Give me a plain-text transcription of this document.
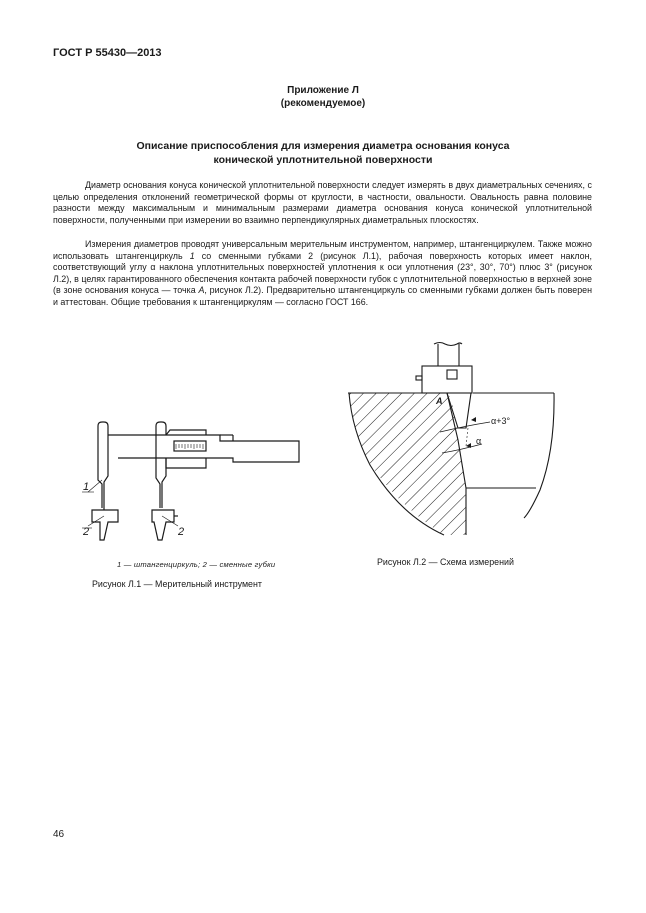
ГОСТ Р 55430—2013
Приложение Л
(рекомендуемое)
Описание приспособления для измерения диаметра основания конуса
конической уплотнительной поверхности

Диаметр основания конуса конической уплотнительной поверхности следует измерять в двух диаметральных сечениях, с целью определения отклонений геометрической формы от круглости, в частности, овальности. Овальность равна половине разности между максимальным и минимальным размерами диаметра основания конуса конической уплотнительной поверхности, полученными при измерении во взаимно перпендикулярных диаметральных плоскостях.

Измерения диаметров проводят универсальным мерительным инструментом, например, штангенциркулем. Также можно использовать штангенциркуль 1 со сменными губками 2 (рисунок Л.1), рабочая поверхность которых имеет наклон, соответствующий углу α наклона уплотнительных поверхностей уплотнения к оси уплотнения (23°, 30°, 70°) плюс 3° (рисунок Л.2), в целях гарантированного обеспечения контакта рабочей поверхности губок с уплотнительной поверхностью в верхней зоне (в зоне основания конуса — точка A, рисунок Л.2). Предварительно штангенциркуль со сменными губками должен быть поверен и аттестован. Общие требования к штангенциркулям — согласно ГОСТ 166.

1
2	2
1 — штангенциркуль; 2 — сменные губки
Рисунок Л.1 — Мерительный инструмент
A
α+3°
α
Рисунок Л.2 — Схема измерений
46
